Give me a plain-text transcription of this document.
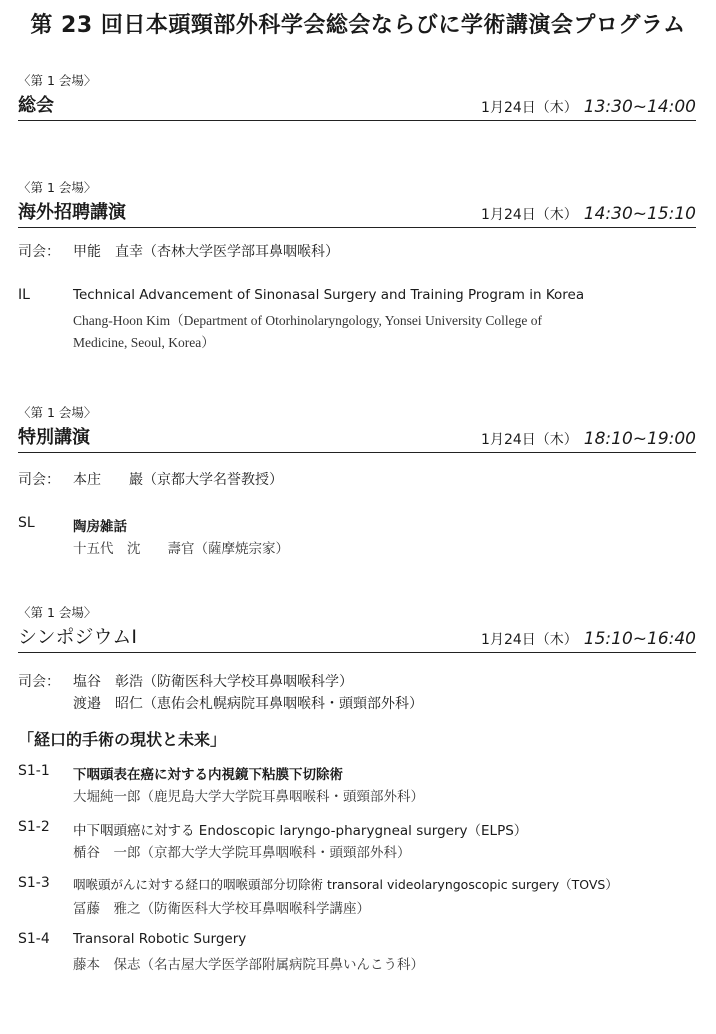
第 23 回日本頭頸部外科学会総会ならびに学術講演会プログラム
〈第 1 会場〉
総会	1月24日（木） 13:30~14:00
〈第 1 会場〉
海外招聘講演	1月24日（木） 14:30~15:10
司会： 甲能　直幸（杏林大学医学部耳鼻咽喉科）
IL	Technical Advancement of Sinonasal Surgery and Training Program in Korea
Chang-Hoon Kim（Department of Otorhinolaryngology, Yonsei University College of
Medicine, Seoul, Korea）
〈第 1 会場〉
特別講演	1月24日（木） 18:10~19:00
司会： 本庄　　巖（京都大学名誉教授）
SL	陶房雑話
十五代　沈　　壽官（薩摩焼宗家）
〈第 1 会場〉
シンポジウムⅠ	1月24日（木） 15:10~16:40
司会： 塩谷　彰浩（防衛医科大学校耳鼻咽喉科学）
渡邉　昭仁（恵佑会札幌病院耳鼻咽喉科・頭頸部外科）
「経口的手術の現状と未来」
S1-1 下咽頭表在癌に対する内視鏡下粘膜下切除術
大堀純一郎（鹿児島大学大学院耳鼻咽喉科・頭頸部外科）
S1-2 中下咽頭癌に対する Endoscopic laryngo-pharygneal surgery（ELPS）
楯谷　一郎（京都大学大学院耳鼻咽喉科・頭頸部外科）
S1-3 咽喉頭がんに対する経口的咽喉頭部分切除術 transoral videolaryngoscopic surgery（TOVS）
冨藤　雅之（防衛医科大学校耳鼻咽喉科学講座）
S1-4 Transoral Robotic Surgery
藤本　保志（名古屋大学医学部附属病院耳鼻いんこう科）
